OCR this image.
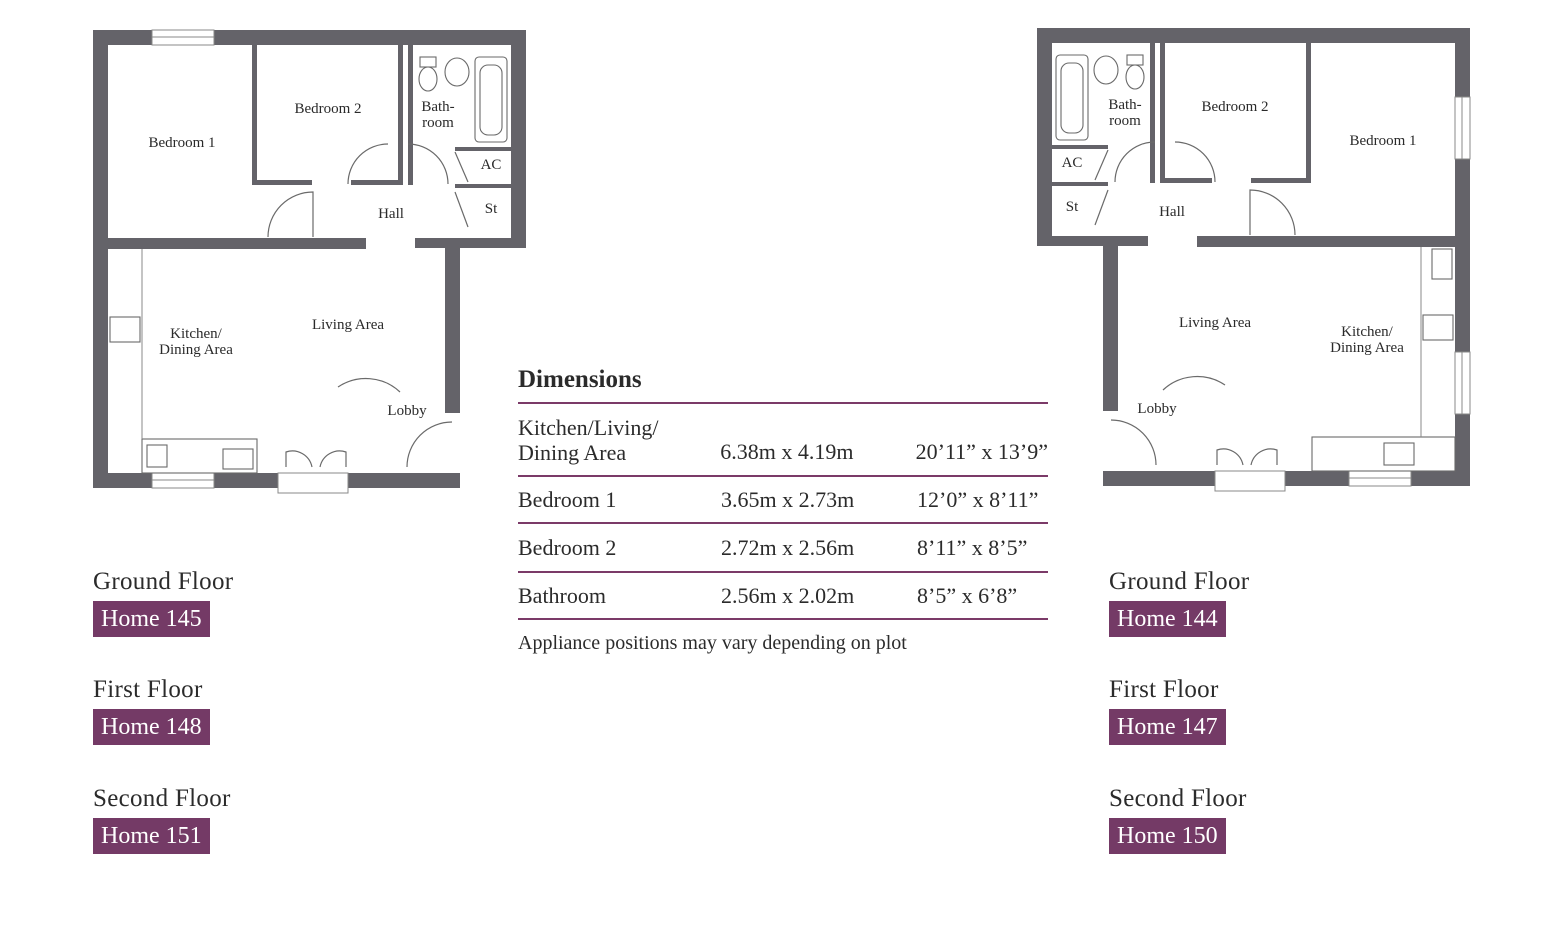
Bedroom 1
Bedroom 2	Bath-
room
AC
St
Hall
Kitchen/
Dining Area
Living Area
Lobby
Bedroom 1
Bedroom 2
Bath-
room
AC
St	Hall
Kitchen/
Dining Area
Living Area
Lobby
Ground Floor
Home 145
First Floor
Home 148
Second Floor
Home 151
Ground Floor
Home 144
First Floor
Home 147
Second Floor
Home 150
Dimensions
Kitchen/Living/
Dining Area	6.38m x 4.19m	20’11” x 13’9”
Bedroom 1	3.65m x 2.73m	12’0” x 8’11”
Bedroom 2	2.72m x 2.56m	8’11” x 8’5”
Bathroom	2.56m x 2.02m	8’5” x 6’8”
Appliance positions may vary depending on plot
